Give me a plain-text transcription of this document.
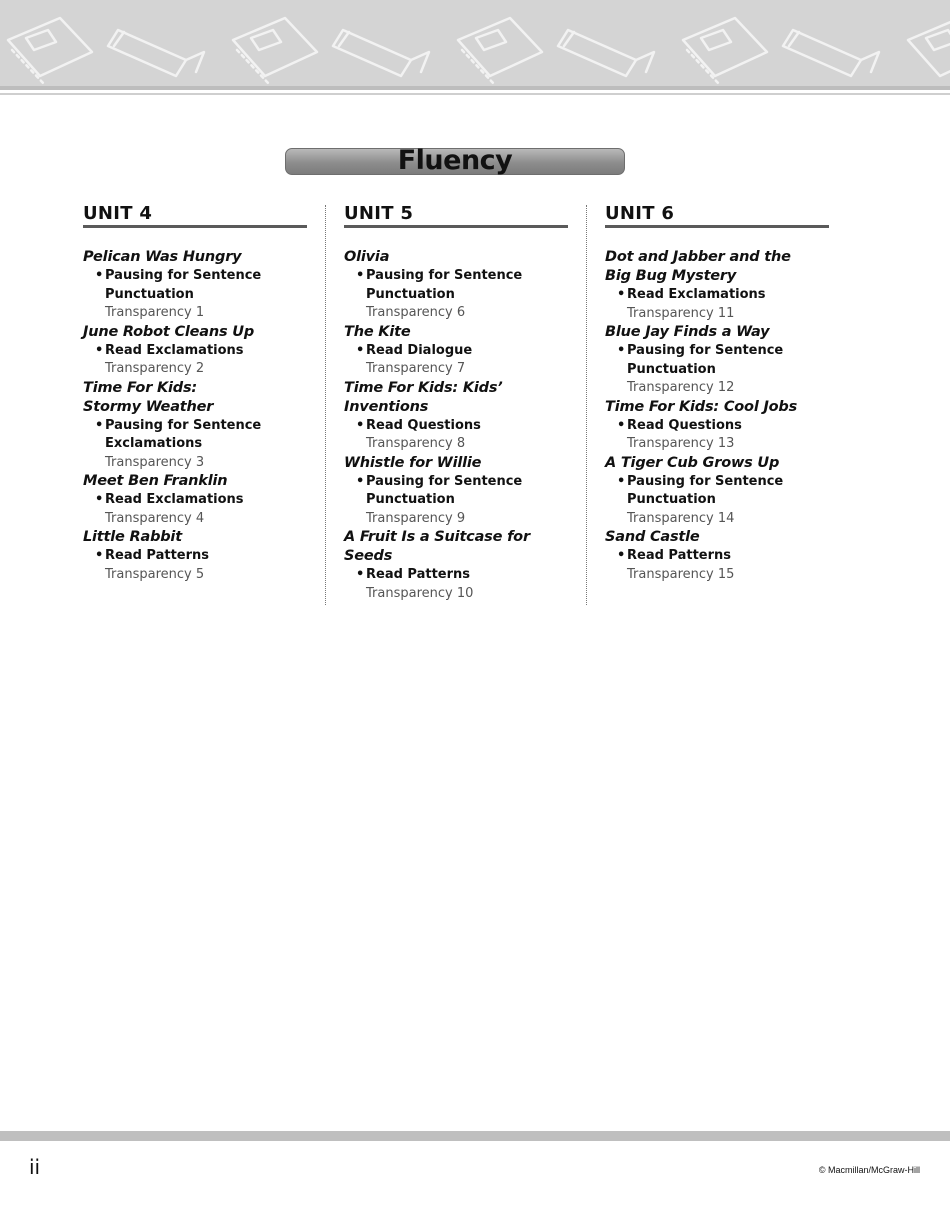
Fluency
UNIT 4
Pelican Was Hungry
• Pausing for Sentence
Punctuation
Transparency 1
June Robot Cleans Up
• Read Exclamations
Transparency 2
Time For Kids:
Stormy Weather
• Pausing for Sentence
Exclamations
Transparency 3
Meet Ben Franklin
• Read Exclamations
Transparency 4
Little Rabbit
• Read Patterns
Transparency 5
UNIT 5
Olivia
• Pausing for Sentence
Punctuation
Transparency 6
The Kite
• Read Dialogue
Transparency 7
Time For Kids: Kids’ Inventions
• Read Questions
Transparency 8
Whistle for Willie
• Pausing for Sentence
Punctuation
Transparency 9
A Fruit Is a Suitcase for Seeds
• Read Patterns
Transparency 10
UNIT 6
Dot and Jabber and the
Big Bug Mystery
• Read Exclamations
Transparency 11
Blue Jay Finds a Way
• Pausing for Sentence
Punctuation
Transparency 12
Time For Kids: Cool Jobs
• Read Questions
Transparency 13
A Tiger Cub Grows Up
• Pausing for Sentence
Punctuation
Transparency 14
Sand Castle
• Read Patterns
Transparency 15
ii	© Macmillan/McGraw-Hill
